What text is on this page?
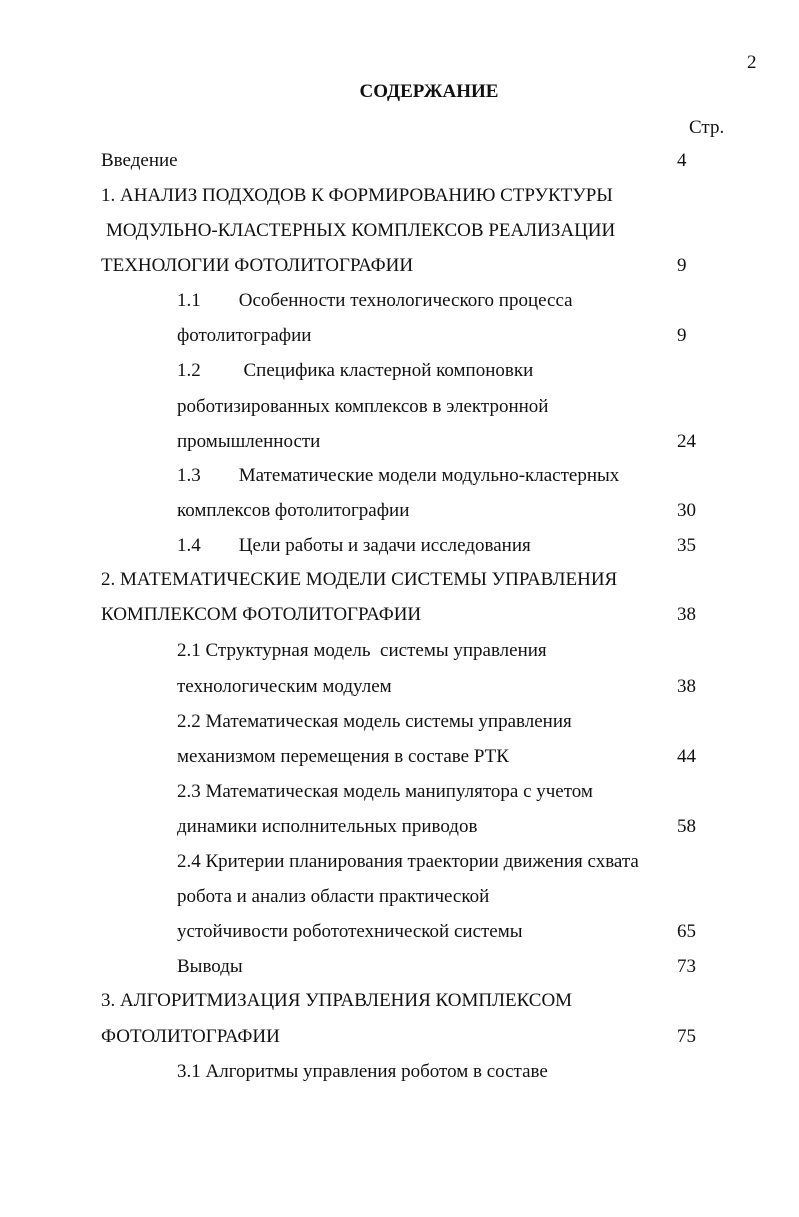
2
СОДЕРЖАНИЕ
Стр.
Введение	4
1. АНАЛИЗ ПОДХОДОВ К ФОРМИРОВАНИЮ СТРУКТУРЫ
МОДУЛЬНО-КЛАСТЕРНЫХ КОМПЛЕКСОВ РЕАЛИЗАЦИИ
ТЕХНОЛОГИИ ФОТОЛИТОГРАФИИ	9
1.1        Особенности технологического процесса
фотолитографии	9
1.2         Специфика кластерной компоновки
роботизированных комплексов в электронной
промышленности	24
1.3        Математические модели модульно-кластерных
комплексов фотолитографии	30
1.4        Цели работы и задачи исследования	35
2. МАТЕМАТИЧЕСКИЕ МОДЕЛИ СИСТЕМЫ УПРАВЛЕНИЯ
КОМПЛЕКСОМ ФОТОЛИТОГРАФИИ	38
2.1 Структурная модель  системы управления
технологическим модулем	38
2.2 Математическая модель системы управления
механизмом перемещения в составе РТК	44
2.3 Математическая модель манипулятора с учетом
динамики исполнительных приводов	58
2.4 Критерии планирования траектории движения схвата
робота и анализ области практической
устойчивости робототехнической системы	65
Выводы	73
3. АЛГОРИТМИЗАЦИЯ УПРАВЛЕНИЯ КОМПЛЕКСОМ
ФОТОЛИТОГРАФИИ	75
3.1 Алгоритмы управления роботом в составе
